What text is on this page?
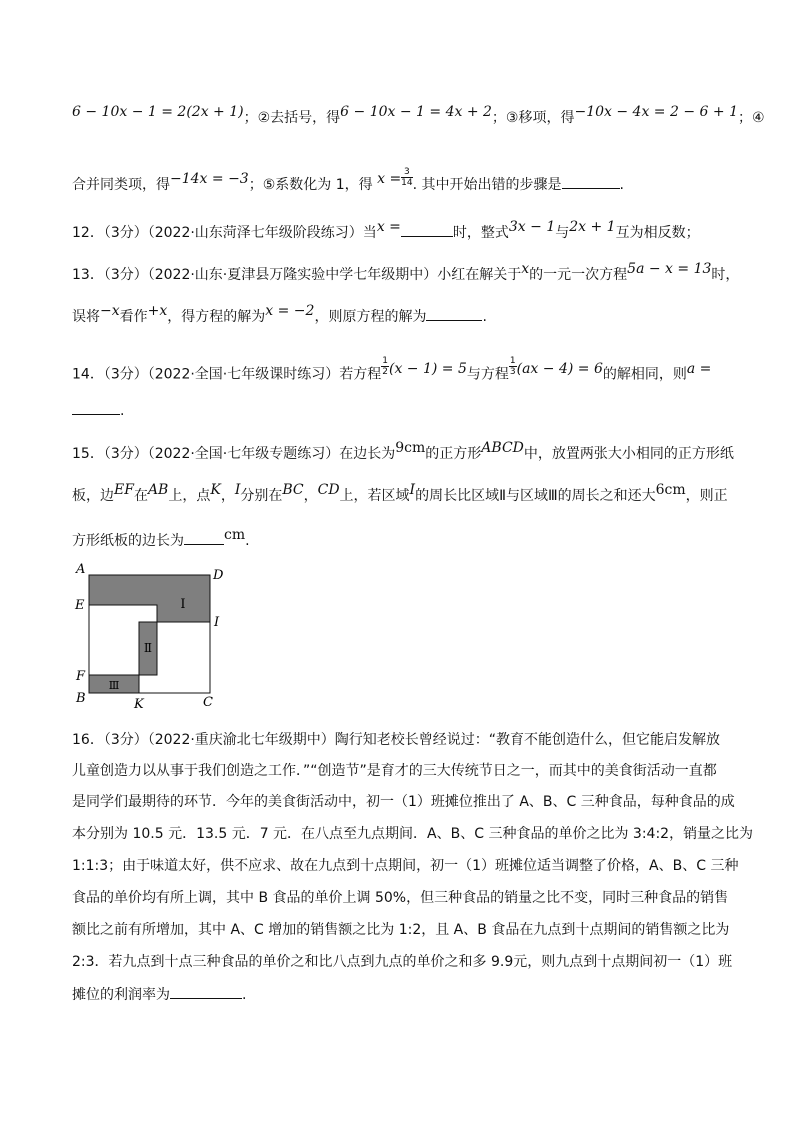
6 − 10x − 1 = 2(2x + 1)；②去括号，得6 − 10x − 1 = 4x + 2；③移项，得−10x − 4x = 2 − 6 + 1；④
合并同类项，得−14x = −3；⑤系数化为 1，得 $x = \frac{3}{14}$ . 其中开始出错的步骤是	.
12．（3分）（2022·山东菏泽七年级阶段练习）当x =	时，整式3x − 1与2x + 1互为相反数；
13．（3分）（2022·山东·夏津县万隆实验中学七年级期中）小红在解关于x的一元一次方程5a − x = 13时，
误将−x看作+x，得方程的解为x = −2，则原方程的解为	.
14．（3分）（2022·全国·七年级课时练习）若方程 $\frac{1}{2} (x - 1) = 5$与方程 $\frac{1}{3} (ax - 4) = 6$的解相同，则a =
.
15．（3分）（2022·全国·七年级专题练习）在边长为9cm的正方形ABCD中，放置两张大小相同的正方形纸
板，边EF在AB上，点K，I分别在BC，CD上，若区域I的周长比区域Ⅱ与区域Ⅲ的周长之和还大6cm，则正
方形纸板的边长为	cm.
Ⅰ
Ⅱ
Ⅲ
A	D
E
I
F
B	K	C
16．（3分）（2022·重庆渝北七年级期中）陶行知老校长曾经说过：“教育不能创造什么，但它能启发解放
儿童创造力以从事于我们创造之工作．”“创造节”是育才的三大传统节日之一，而其中的美食街活动一直都
是同学们最期待的环节．今年的美食街活动中，初一（1）班摊位推出了 A、B、C 三种食品，每种食品的成
本分别为 10.5 元．13.5 元．7 元．在八点至九点期间．A、B、C 三种食品的单价之比为 3:4:2，销量之比为
1:1:3；由于味道太好，供不应求、故在九点到十点期间，初一（1）班摊位适当调整了价格，A、B、C 三种
食品的单价均有所上调，其中 B 食品的单价上调 50%，但三种食品的销量之比不变，同时三种食品的销售
额比之前有所增加，其中 A、C 增加的销售额之比为 1:2，且 A、B 食品在九点到十点期间的销售额之比为
2:3．若九点到十点三种食品的单价之和比八点到九点的单价之和多 9.9元，则九点到十点期间初一（1）班
摊位的利润率为	.
